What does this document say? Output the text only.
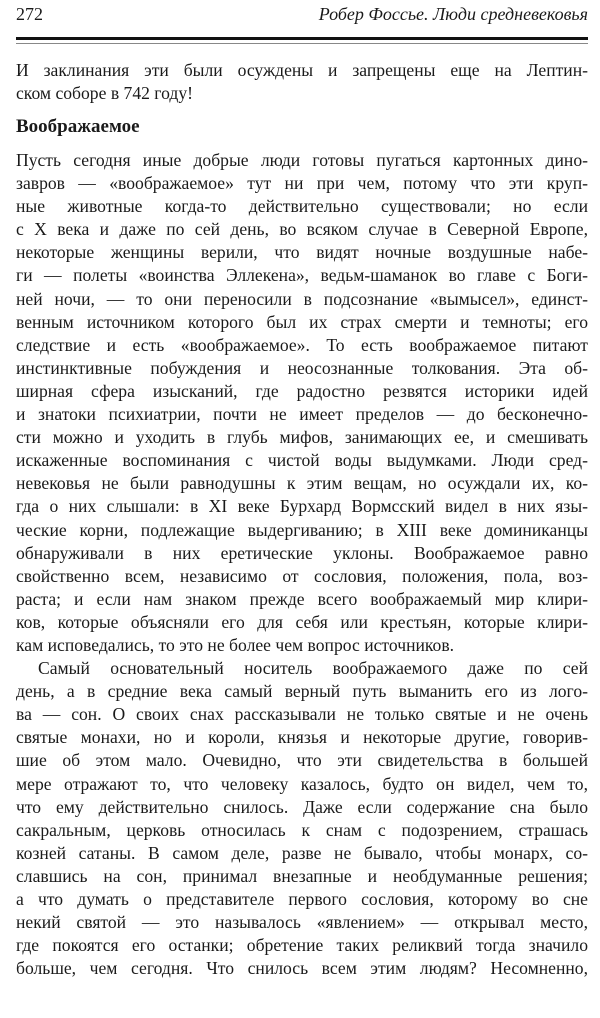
272	Робер Фоссье. Люди средневековья
И заклинания эти были осуждены и запрещены еще на Лептин-
ском соборе в 742 году!
Воображаемое
Пусть сегодня иные добрые люди готовы пугаться картонных дино-
завров — «воображаемое» тут ни при чем, потому что эти круп-
ные животные когда-то действительно существовали; но если
с X века и даже по сей день, во всяком случае в Северной Европе,
некоторые женщины верили, что видят ночные воздушные набе-
ги — полеты «воинства Эллекена», ведьм-шаманок во главе с Боги-
ней ночи, — то они переносили в подсознание «вымысел», единст-
венным источником которого был их страх смерти и темноты; его
следствие и есть «воображаемое». То есть воображаемое питают
инстинктивные побуждения и неосознанные толкования. Эта об-
ширная сфера изысканий, где радостно резвятся историки идей
и знатоки психиатрии, почти не имеет пределов — до бесконечно-
сти можно и уходить в глубь мифов, занимающих ее, и смешивать
искаженные воспоминания с чистой воды выдумками. Люди сред-
невековья не были равнодушны к этим вещам, но осуждали их, ко-
гда о них слышали: в XI веке Бурхард Вормсский видел в них язы-
ческие корни, подлежащие выдергиванию; в XIII веке доминиканцы
обнаруживали в них еретические уклоны. Воображаемое равно
свойственно всем, независимо от сословия, положения, пола, воз-
раста; и если нам знаком прежде всего воображаемый мир клири-
ков, которые объясняли его для себя или крестьян, которые клири-
кам исповедались, то это не более чем вопрос источников.
Самый основательный носитель воображаемого даже по сей
день, а в средние века самый верный путь выманить его из лого-
ва — сон. О своих снах рассказывали не только святые и не очень
святые монахи, но и короли, князья и некоторые другие, говорив-
шие об этом мало. Очевидно, что эти свидетельства в большей
мере отражают то, что человеку казалось, будто он видел, чем то,
что ему действительно снилось. Даже если содержание сна было
сакральным, церковь относилась к снам с подозрением, страшась
козней сатаны. В самом деле, разве не бывало, чтобы монарх, со-
славшись на сон, принимал внезапные и необдуманные решения;
а что думать о представителе первого сословия, которому во сне
некий святой — это называлось «явлением» — открывал место,
где покоятся его останки; обретение таких реликвий тогда значило
больше, чем сегодня. Что снилось всем этим людям? Несомненно,
